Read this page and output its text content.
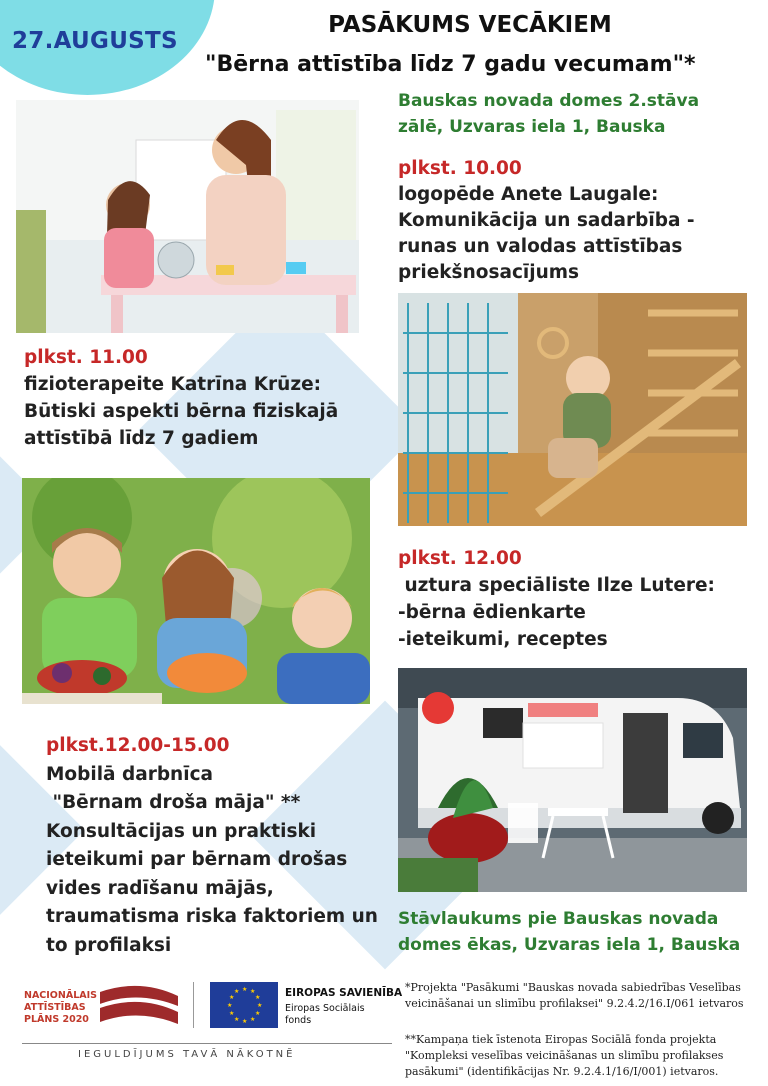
27.AUGUSTS
PASĀKUMS VECĀKIEM
"Bērna attīstība līdz 7 gadu vecumam"*
Bauskas novada domes 2.stāva
zālē, Uzvaras iela 1, Bauska
plkst. 10.00
logopēde Anete Laugale:
Komunikācija un sadarbība -
runas un valodas attīstības
priekšnosacījums
plkst. 11.00
fizioterapeite Katrīna Krūze:
Būtiski aspekti bērna fiziskajā
attīstībā līdz 7 gadiem
plkst. 12.00
uztura speciāliste Ilze Lutere:
-bērna ēdienkarte
-ieteikumi, receptes
plkst.12.00-15.00
Mobilā darbnīca
"Bērnam droša māja" **
Konsultācijas un praktiski
ieteikumi par bērnam drošas
vides radīšanu mājās,
traumatisma riska faktoriem un
to profilaksi
Stāvlaukums pie Bauskas novada
domes ēkas, Uzvaras iela 1, Bauska
NACIONĀLAIS
ATTĪSTĪBAS
PLĀNS 2020
★ ★
★
★
★
★
★
★
★
★
★
★	EIROPAS SAVIENĪBA
Eiropas Sociālais
fonds
IEGULDĪJUMS TAVĀ NĀKOTNĒ
*Projekta "Pasākumi "Bauskas novada sabiedrības Veselības veicināšanai un slimību profilaksei" 9.2.4.2/16.I/061 ietvaros
**Kampaņa tiek īstenota Eiropas Sociālā fonda projekta "Kompleksi veselības veicināšanas un slimību profilakses pasākumi" (identifikācijas Nr. 9.2.4.1/16/I/001) ietvaros.
